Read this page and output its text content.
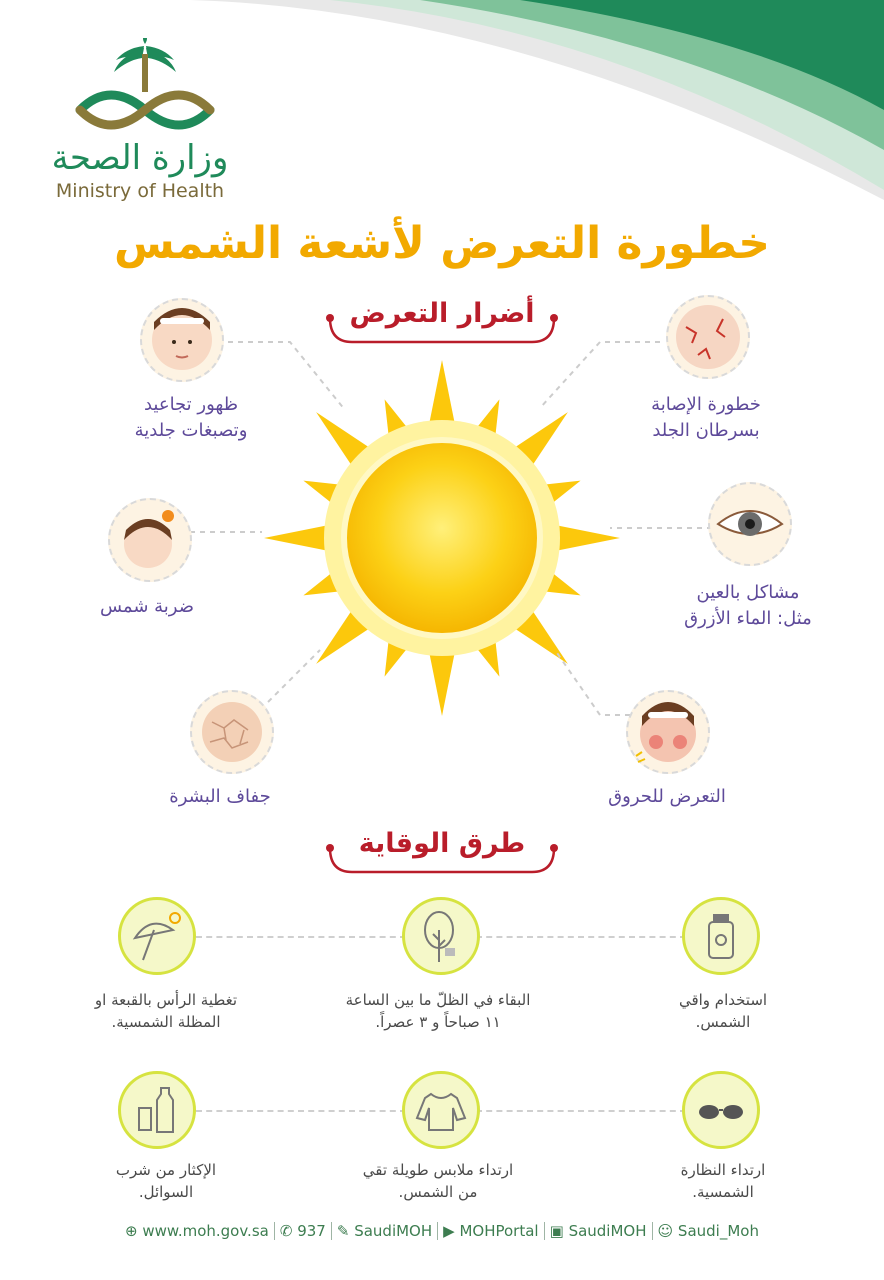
وزارة الصحة
Ministry of Health
خطورة التعرض لأشعة الشمس
أضرار التعرض
خطورة الإصابة
بسرطان الجلد
ظهور تجاعيد
وتصبغات جلدية
مشاكل بالعين
مثل: الماء الأزرق
ضربة شمس
التعرض للحروق
جفاف البشرة
طرق الوقاية
استخدام واقي
الشمس.
البقاء في الظلّ ما بين الساعة
١١ صباحاً و ٣ عصراً.
تغطية الرأس بالقبعة او
المظلة الشمسية.
ارتداء النظارة
الشمسية.
ارتداء ملابس طويلة تقي
من الشمس.
الإكثار من شرب
السوائل.
⊕ www.moh.gov.sa ✆ 937 ✎ SaudiMOH ▶ MOHPortal ▣ SaudiMOH ☺ Saudi_Moh
